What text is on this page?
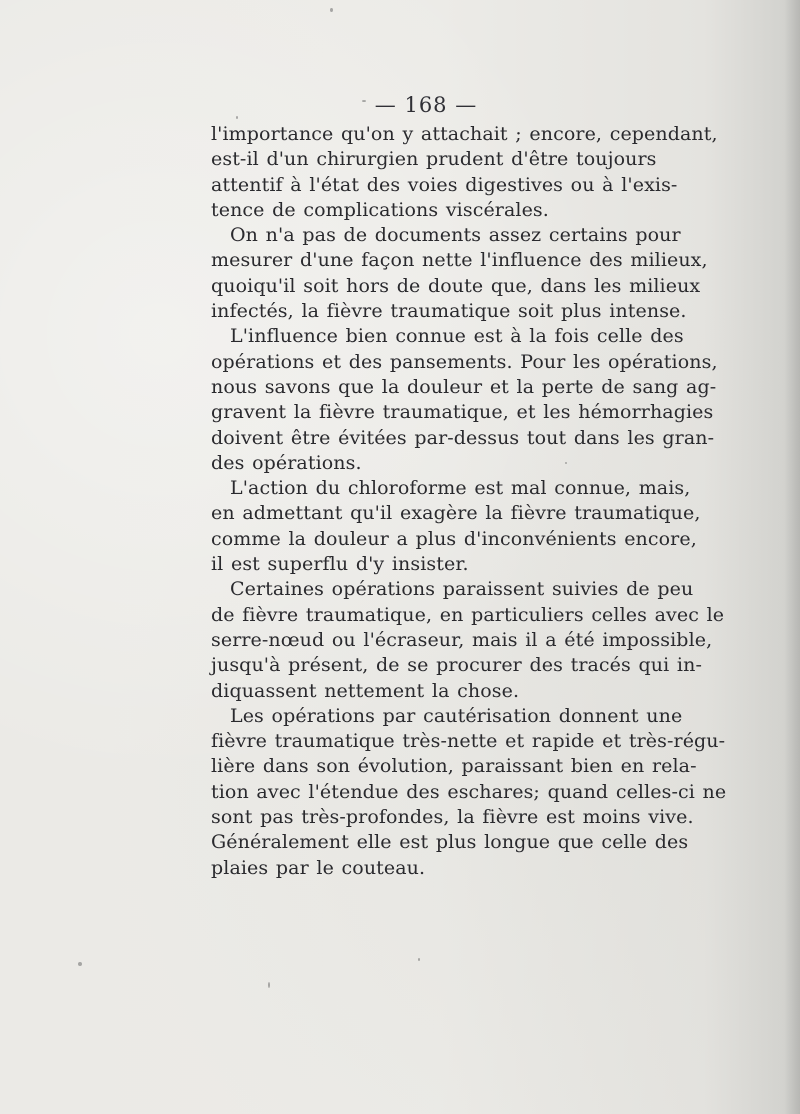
— 168 —
l'importance qu'on y attachait ; encore, cependant,
est-il d'un chirurgien prudent d'être toujours
attentif à l'état des voies digestives ou à l'exis-
tence de complications viscérales.
On n'a pas de documents assez certains pour
mesurer d'une façon nette l'influence des milieux,
quoiqu'il soit hors de doute que, dans les milieux
infectés, la fièvre traumatique soit plus intense.
L'influence bien connue est à la fois celle des
opérations et des pansements. Pour les opérations,
nous savons que la douleur et la perte de sang ag-
gravent la fièvre traumatique, et les hémorrhagies
doivent être évitées par-dessus tout dans les gran-
des opérations.
L'action du chloroforme est mal connue, mais,
en admettant qu'il exagère la fièvre traumatique,
comme la douleur a plus d'inconvénients encore,
il est superflu d'y insister.
Certaines opérations paraissent suivies de peu
de fièvre traumatique, en particuliers celles avec le
serre-nœud ou l'écraseur, mais il a été impossible,
jusqu'à présent, de se procurer des tracés qui in-
diquassent nettement la chose.
Les opérations par cautérisation donnent une
fièvre traumatique très-nette et rapide et très-régu-
lière dans son évolution, paraissant bien en rela-
tion avec l'étendue des eschares; quand celles-ci ne
sont pas très-profondes, la fièvre est moins vive.
Généralement elle est plus longue que celle des
plaies par le couteau.
